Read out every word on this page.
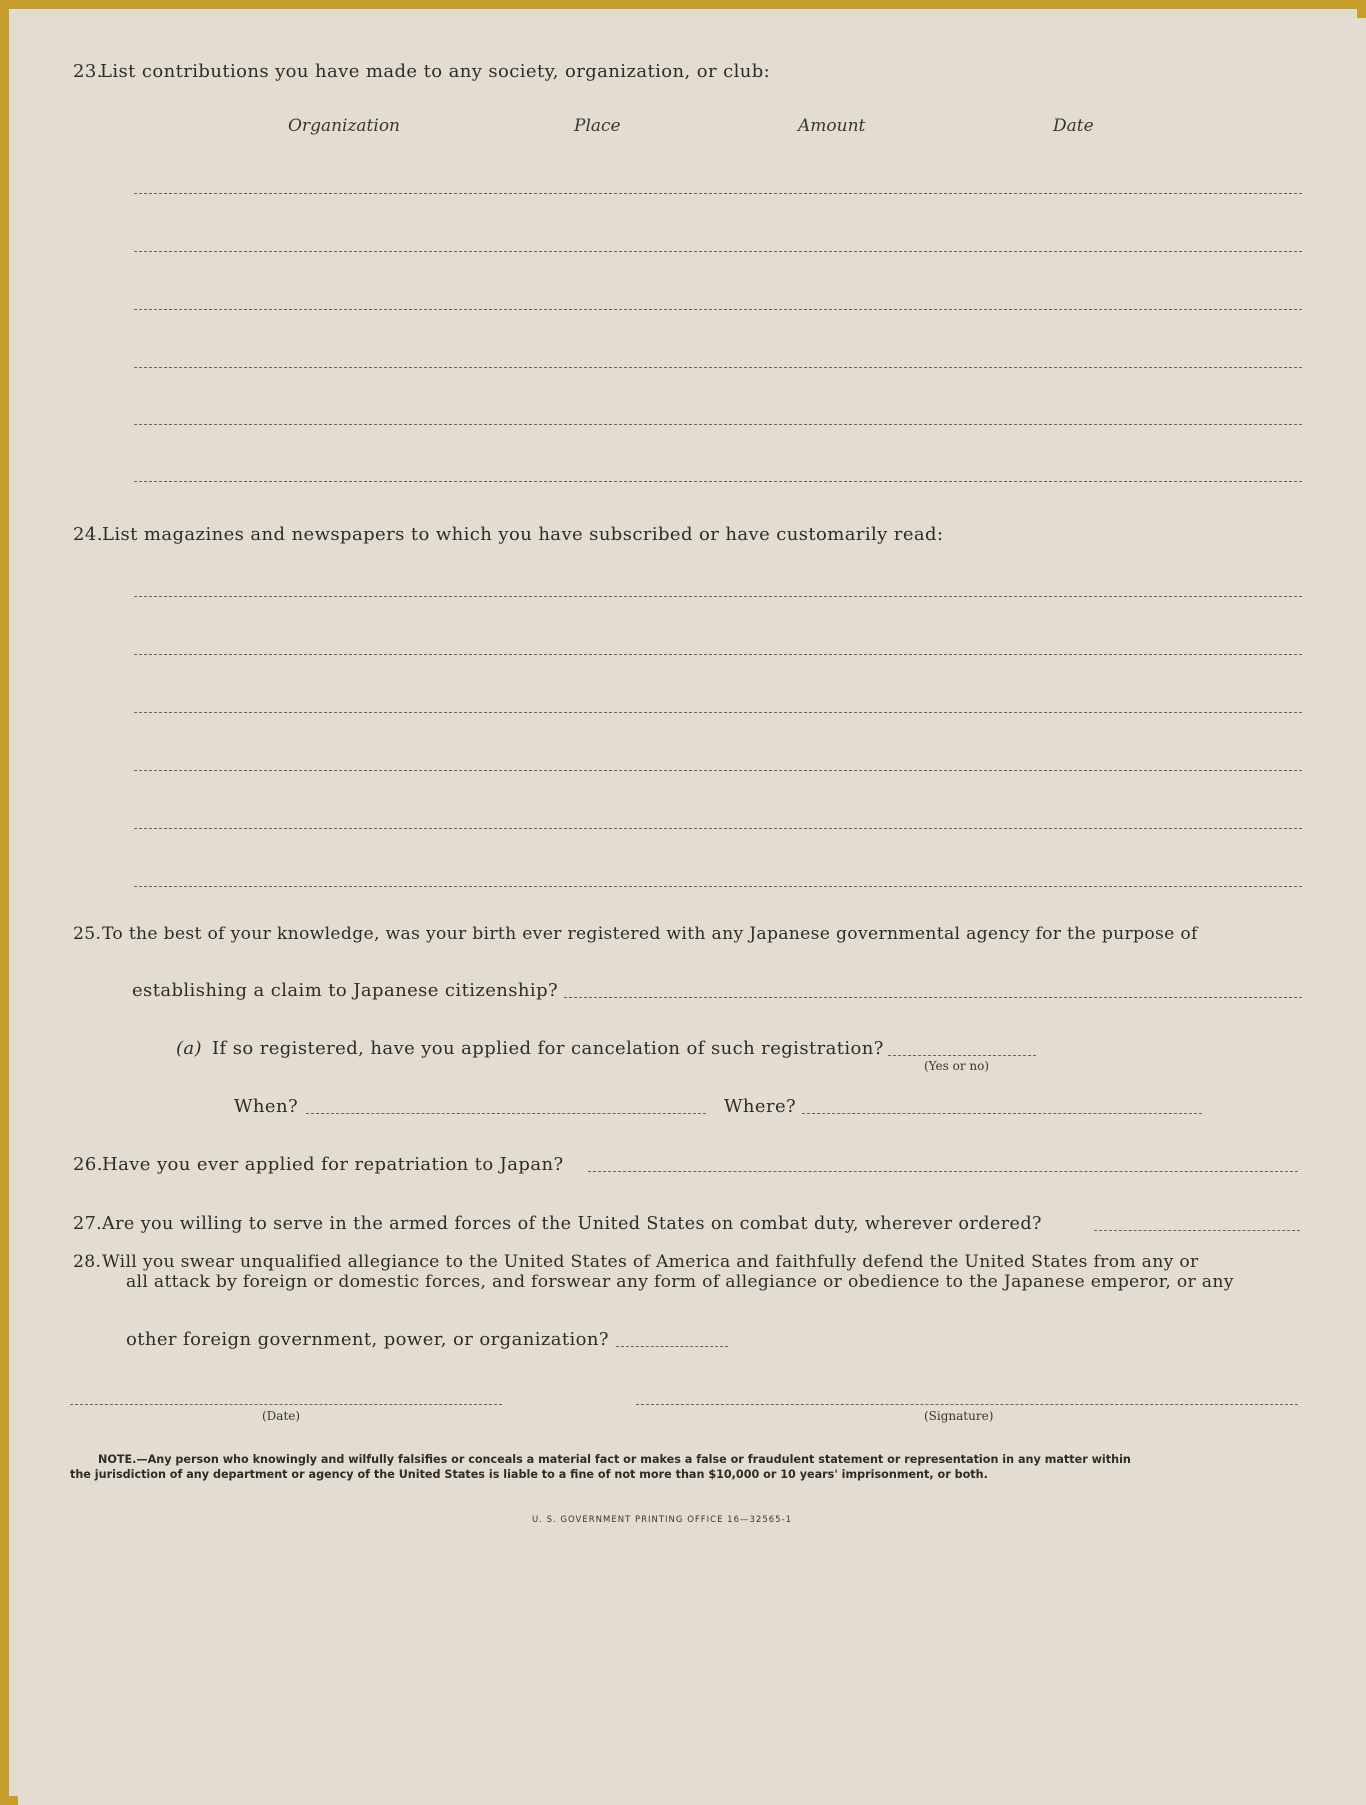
23.
List contributions you have made to any society, organization, or club:
Organization	Place	Amount	Date
24. List magazines and newspapers to which you have subscribed or have customarily read:
25. To the best of your knowledge, was your birth ever registered with any Japanese governmental agency for the purpose of
establishing a claim to Japanese citizenship?
(a) If so registered, have you applied for cancelation of such registration?
(Yes or no)
When?	Where?
26. Have you ever applied for repatriation to Japan?
27. Are you willing to serve in the armed forces of the United States on combat duty, wherever ordered?
28. Will you swear unqualified allegiance to the United States of America and faithfully defend the United States from any or
all attack by foreign or domestic forces, and forswear any form of allegiance or obedience to the Japanese emperor, or any
other foreign government, power, or organization?
(Date)	(Signature)
NOTE.—Any person who knowingly and wilfully falsifies or conceals a material fact or makes a false or fraudulent statement or representation in any matter within
the jurisdiction of any department or agency of the United States is liable to a fine of not more than $10,000 or 10 years' imprisonment, or both.
U. S. GOVERNMENT PRINTING OFFICE 16—32565-1
